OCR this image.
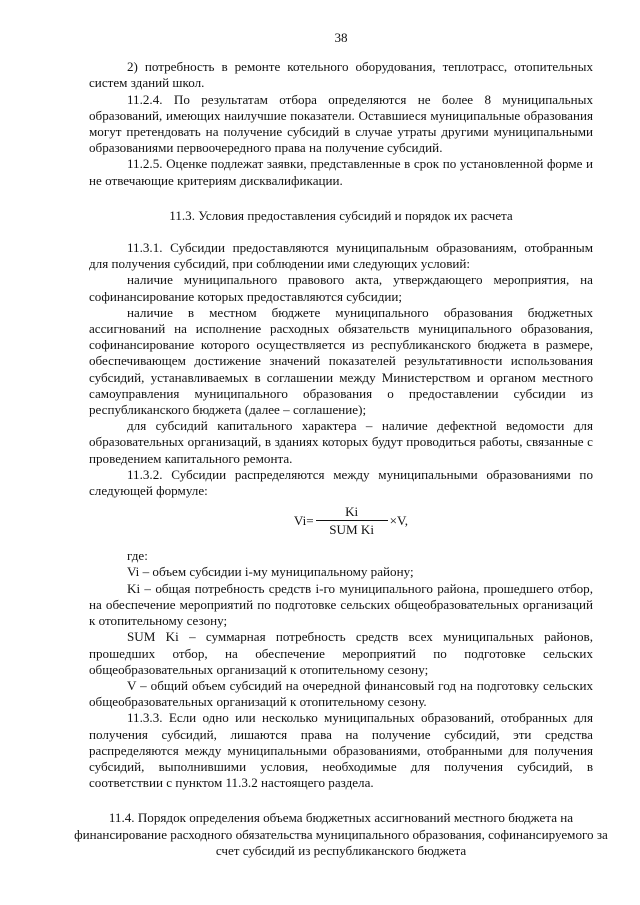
38

2) потребность в ремонте котельного оборудования, теплотрасс, отопительных систем зданий школ.

11.2.4. По результатам отбора определяются не более 8 муниципальных образований, имеющих наилучшие показатели. Оставшиеся муниципальные образования могут претендовать на получение субсидий в случае утраты другими муниципальными образованиями первоочередного права на получение субсидий.

11.2.5. Оценке подлежат заявки, представленные в срок по установленной форме и не отвечающие критериям дисквалификации.

11.3. Условия предоставления субсидий и порядок их расчета

11.3.1. Субсидии предоставляются муниципальным образованиям, отобранным для получения субсидий, при соблюдении ими следующих условий:

наличие муниципального правового акта, утверждающего мероприятия, на софинансирование которых предоставляются субсидии;

наличие в местном бюджете муниципального образования бюджетных ассигнований на исполнение расходных обязательств муниципального образования, софинансирование которого осуществляется из республиканского бюджета в размере, обеспечивающем достижение значений показателей результативности использования субсидий, устанавливаемых в соглашении между Министерством и органом местного самоуправления муниципального образования о предоставлении субсидии из республиканского бюджета (далее – соглашение);

для субсидий капитального характера – наличие дефектной ведомости для образовательных организаций, в зданиях которых будут проводиться работы, связанные с проведением капитального ремонта.

11.3.2. Субсидии распределяются между муниципальными образованиями по следующей формуле:

$Vi= \frac{Ki}{\text{SUM Ki}} \times V$,

где:

Vi – объем субсидии i-му муниципальному району;

Ki – общая потребность средств i-го муниципального района, прошедшего отбор, на обеспечение мероприятий по подготовке сельских общеобразовательных организаций к отопительному сезону;

SUM Ki – суммарная потребность средств всех муниципальных районов, прошедших отбор, на обеспечение мероприятий по подготовке сельских общеобразовательных организаций к отопительному сезону;

V – общий объем субсидий на очередной финансовый год на подготовку сельских общеобразовательных организаций к отопительному сезону.

11.3.3. Если одно или несколько муниципальных образований, отобранных для получения субсидий, лишаются права на получение субсидий, эти средства распределяются между муниципальными образованиями, отобранными для получения субсидий, выполнившими условия, необходимые для получения субсидий, в соответствии с пунктом 11.3.2 настоящего раздела.

11.4. Порядок определения объема бюджетных ассигнований местного бюджета на финансирование расходного обязательства муниципального образования, софинансируемого за счет субсидий из республиканского бюджета
